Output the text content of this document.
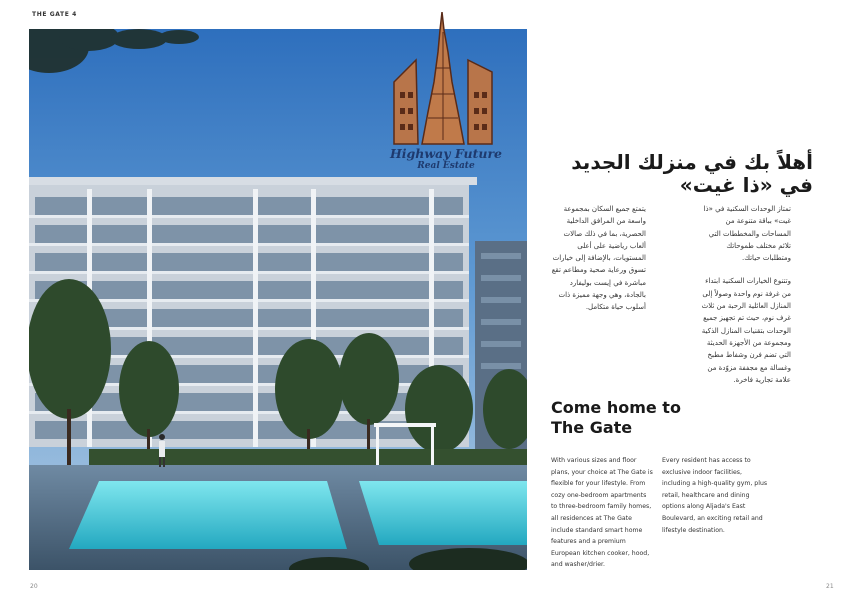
THE GATE 4
Highway Future
Real Estate	أهلاً بك في منزلك الجديد
في «ذا غيت»

يتمتع جميع السكان بمجموعة واسعة من المرافق الداخلية الحصرية، بما في ذلك صالات ألعاب رياضية على أعلى المستويات، بالإضافة إلى خيارات تسوق ورعاية صحية ومطاعم تقع مباشرة في إيست بوليفارد بالجادة، وهي وجهة مميزة ذات أسلوب حياة متكامل.

تمتاز الوحدات السكنية في «ذا غيت» بباقة متنوعة من المساحات والمخططات التي تلائم مختلف طموحاتك ومتطلبات حياتك.

وتتنوع الخيارات السكنية ابتداء من غرفة نوم واحدة وصولاً إلى المنازل العائلية الرحبة من ثلاث غرف نوم، حيث تم تجهيز جميع الوحدات بتقنيات المنازل الذكية ومجموعة من الأجهزة الحديثة التي تضم فرن وشفاط مطبخ وغسالة مع مجففة مزوّدة من علامة تجارية فاخرة.

Come home to
The Gate
With various sizes and floor plans, your choice at The Gate is flexible for your lifestyle. From cozy one-bedroom apartments to three-bedroom family homes, all residences at The Gate include standard smart home features and a premium European kitchen cooker, hood, and washer/drier.
Every resident has access to exclusive indoor facilities, including a high-quality gym, plus retail, healthcare and dining options along Aljada's East Boulevard, an exciting retail and lifestyle destination.
20	21
